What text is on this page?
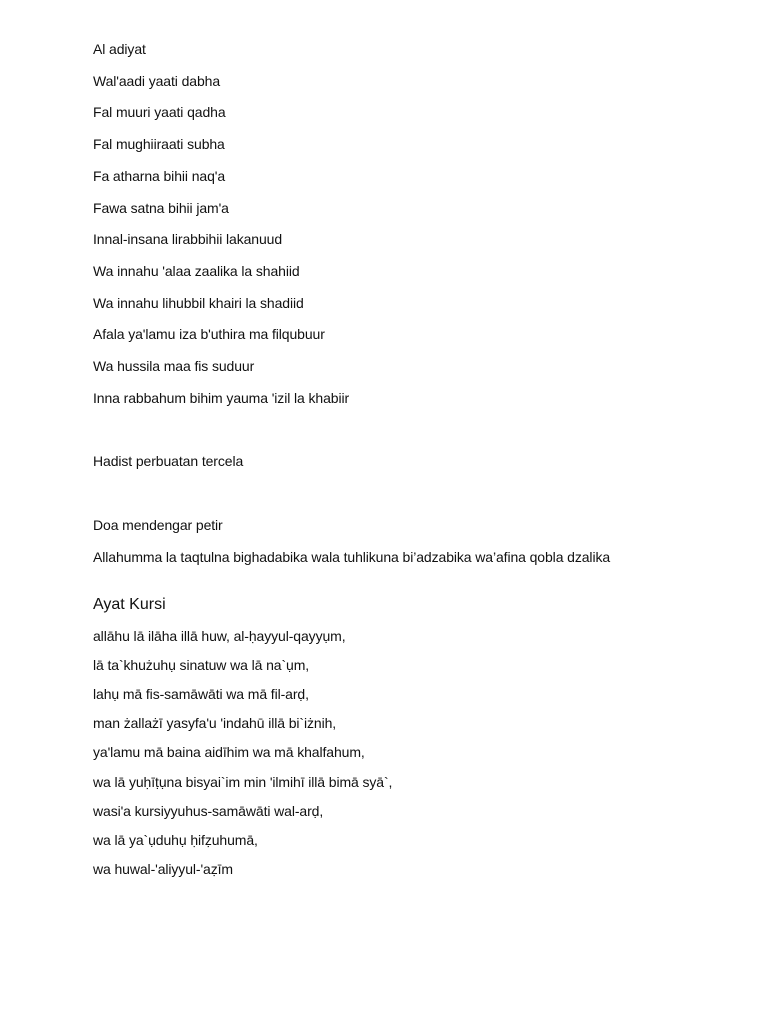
Al adiyat
Wal'aadi yaati dabha
Fal muuri yaati qadha
Fal mughiiraati subha
Fa atharna bihii naq'a
Fawa satna bihii jam'a
Innal-insana lirabbihii lakanuud
Wa innahu 'alaa zaalika la shahiid
Wa innahu lihubbil khairi la shadiid
Afala ya'lamu iza b'uthira ma filqubuur
Wa hussila maa fis suduur
Inna rabbahum bihim yauma 'izil la khabiir
Hadist perbuatan tercela
Doa mendengar petir
Allahumma la taqtulna bighadabika wala tuhlikuna bi’adzabika wa’afina qobla dzalika
Ayat Kursi
allāhu lā ilāha illā huw, al-ḥayyul-qayyụm,
lā ta`khużuhụ sinatuw wa lā na`ụm,
lahụ mā fis-samāwāti wa mā fil-arḍ,
man żallażī yasyfa'u 'indahū illā bi`iżnih,
ya'lamu mā baina aidīhim wa mā khalfahum,
wa lā yuḥīṭụna bisyai`im min 'ilmihī illā bimā syā`,
wasi'a kursiyyuhus-samāwāti wal-arḍ,
wa lā ya`ụduhụ ḥifẓuhumā,
wa huwal-'aliyyul-'aẓīm
